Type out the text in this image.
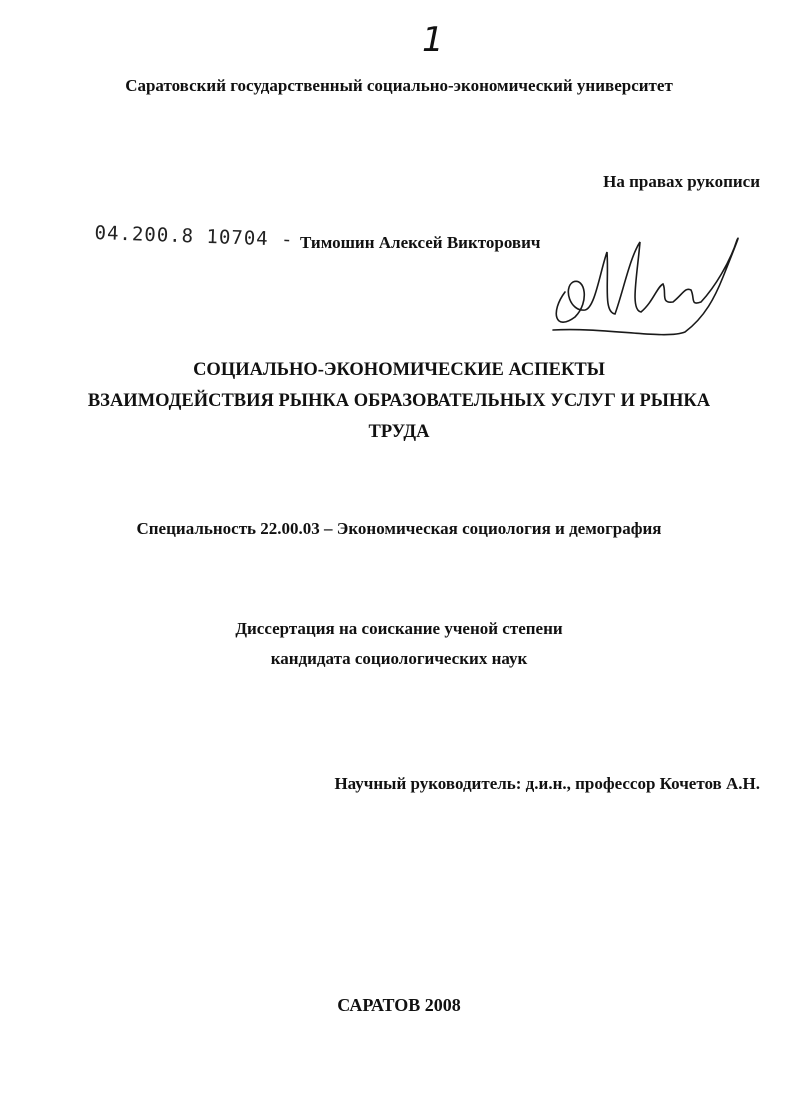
1
Саратовский государственный социально-экономический университет
На правах рукописи
04.200.8 10704 - Тимошин Алексей Викторович
СОЦИАЛЬНО-ЭКОНОМИЧЕСКИЕ АСПЕКТЫ
ВЗАИМОДЕЙСТВИЯ РЫНКА ОБРАЗОВАТЕЛЬНЫХ УСЛУГ И РЫНКА
ТРУДА
Специальность 22.00.03 – Экономическая социология и демография
Диссертация на соискание ученой степени
кандидата социологических наук
Научный руководитель: д.и.н., профессор Кочетов А.Н.
САРАТОВ 2008
